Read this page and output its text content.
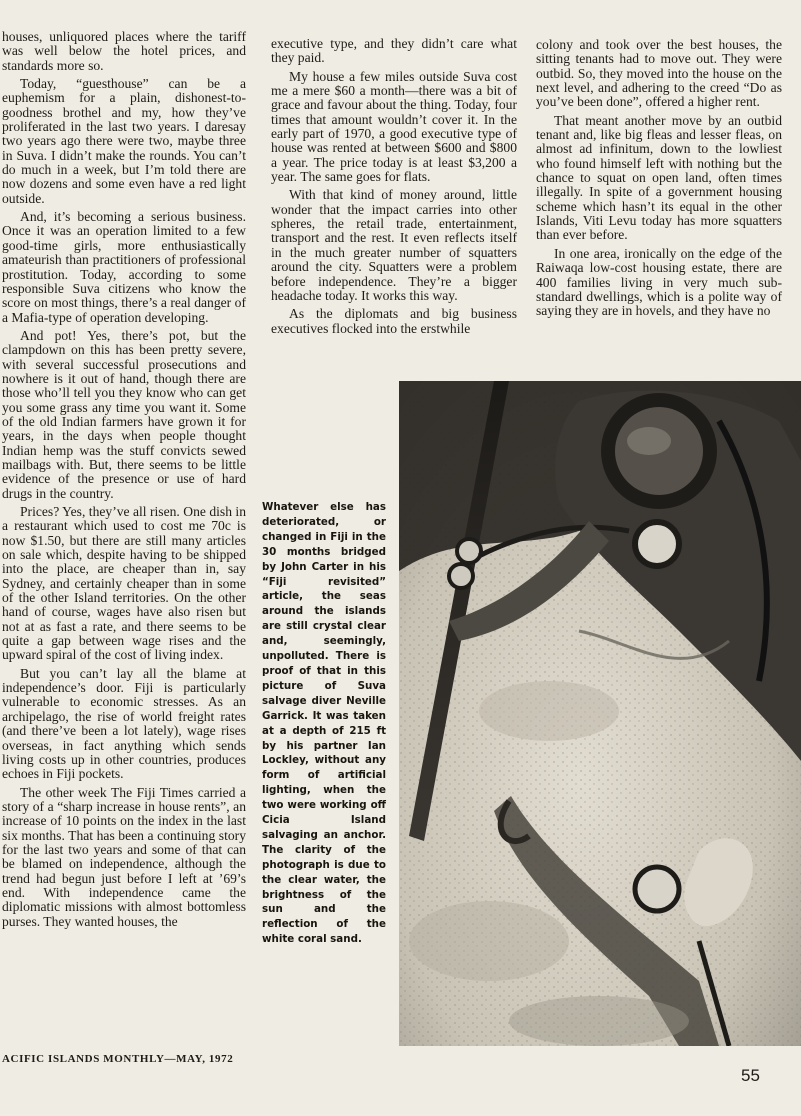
houses, unliquored places where the tariff was well below the hotel prices, and standards more so.

Today, “guesthouse” can be a euphemism for a plain, dishonest-to-goodness brothel and my, how they’ve proliferated in the last two years. I daresay two years ago there were two, maybe three in Suva. I didn’t make the rounds. You can’t do much in a week, but I’m told there are now dozens and some even have a red light outside.

And, it’s becoming a serious business. Once it was an operation limited to a few good-time girls, more enthusiastically amateurish than practitioners of professional prostitution. Today, according to some responsible Suva citizens who know the score on most things, there’s a real danger of a Mafia-type of operation developing.

And pot! Yes, there’s pot, but the clampdown on this has been pretty severe, with several successful prosecutions and nowhere is it out of hand, though there are those who’ll tell you they know who can get you some grass any time you want it. Some of the old Indian farmers have grown it for years, in the days when people thought Indian hemp was the stuff convicts sewed mailbags with. But, there seems to be little evidence of the presence or use of hard drugs in the country.

Prices? Yes, they’ve all risen. One dish in a restaurant which used to cost me 70c is now $1.50, but there are still many articles on sale which, despite having to be shipped into the place, are cheaper than in, say Sydney, and certainly cheaper than in some of the other Island territories. On the other hand of course, wages have also risen but not at as fast a rate, and there seems to be quite a gap between wage rises and the upward spiral of the cost of living index.

But you can’t lay all the blame at independence’s door. Fiji is particularly vulnerable to economic stresses. As an archipelago, the rise of world freight rates (and there’ve been a lot lately), wage rises overseas, in fact anything which sends living costs up in other countries, produces echoes in Fiji pockets.

The other week The Fiji Times carried a story of a “sharp increase in house rents”, an increase of 10 points on the index in the last six months. That has been a continuing story for the last two years and some of that can be blamed on independence, although the trend had begun just before I left at ’69’s end. With independence came the diplomatic missions with almost bottomless purses. They wanted houses, the

executive type, and they didn’t care what they paid.

My house a few miles outside Suva cost me a mere $60 a month—there was a bit of grace and favour about the thing. Today, four times that amount wouldn’t cover it. In the early part of 1970, a good executive type of house was rented at between $600 and $800 a year. The price today is at least $3,200 a year. The same goes for flats.

With that kind of money around, little wonder that the impact carries into other spheres, the retail trade, entertainment, transport and the rest. It even reflects itself in the much greater number of squatters around the city. Squatters were a problem before independence. They’re a bigger headache today. It works this way.

As the diplomats and big business executives flocked into the erstwhile

colony and took over the best houses, the sitting tenants had to move out. They were outbid. So, they moved into the house on the next level, and adhering to the creed “Do as you’ve been done”, offered a higher rent.

That meant another move by an outbid tenant and, like big fleas and lesser fleas, on almost ad infinitum, down to the lowliest who found himself left with nothing but the chance to squat on open land, often times illegally. In spite of a government housing scheme which hasn’t its equal in the other Islands, Viti Levu today has more squatters than ever before.

In one area, ironically on the edge of the Raiwaqa low-cost housing estate, there are 400 families living in very much sub-standard dwellings, which is a polite way of saying they are in hovels, and they have no

Whatever else has deteriorated, or changed in Fiji in the 30 months bridged by John Carter in his “Fiji revisited” article, the seas around the islands are still crystal clear and, seemingly, unpolluted. There is proof of that in this picture of Suva salvage diver Neville Garrick. It was taken at a depth of 215 ft by his partner Ian Lockley, without any form of artificial lighting, when the two were working off Cicia Island salvaging an anchor. The clarity of the photograph is due to the clear water, the brightness of the sun and the reflection of the white coral sand.

ACIFIC ISLANDS MONTHLY—MAY, 1972
55
